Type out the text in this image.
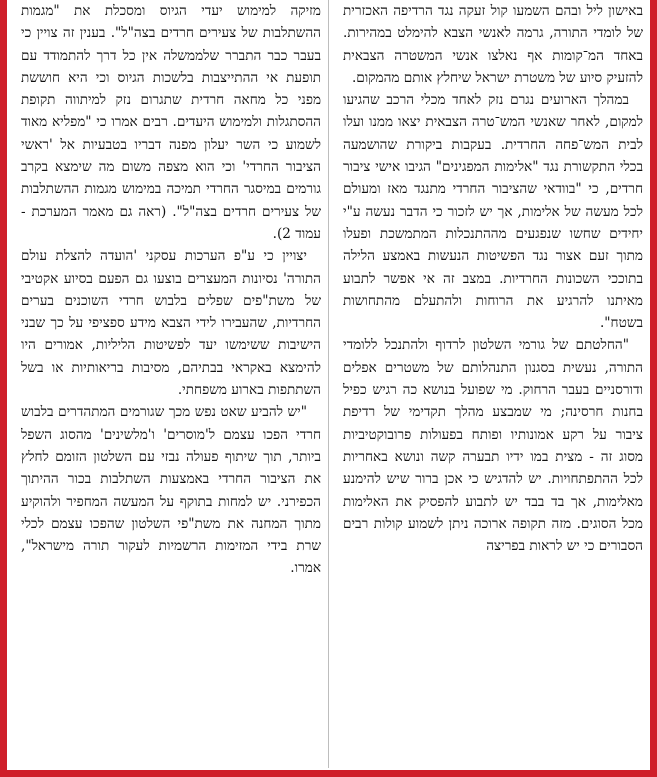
באישון ליל ובהם השמעו קול זעקה נגד הרדיפה האכזרית של לומדי התורה, גרמה לאנשי הצבא להימלט במהירות. באחד המ־קומות אף נאלצו אנשי המשטרה הצבאית להזעיק סיוע של משטרת ישראל שיחלץ אותם מהמקום.

במהלך הארועים נגרם נזק לאחד מכלי הרכב שהגיעו למקום, לאחר שאנשי המש־טרה הצבאית יצאו ממנו ועלו לבית המש־פחה החרדית. בעקבות ביקורת שהושמעה בכלי התקשורת נגד "אלימות המפגינים" הגיבו אישי ציבור חרדים, כי "בוודאי שהציבור החרדי מתנגד מאז ומעולם לכל מעשה של אלימות, אך יש לזכור כי הדבר נעשה ע"י יחידים שחשו שנפגעים מההתנכלות המתמשכת ופעלו מתוך זעם אצור נגד הפשיטות הנעשות באמצע הלילה בתוככי השכונות החרדיות. במצב זה אי אפשר לתבוע מאיתנו להרגיע את הרוחות ולהתעלם מהתחושות בשטח".

"החלטתם של גורמי השלטון לרדוף ולהתנכל ללומדי התורה, נעשית בסגנון התנהלותם של משטרים אפלים ודורסניים בעבר הרחוק. מי שפועל בנושא כה רגיש כפיל בחנות חרסינה; מי שמבצע מהלך תקדימי של רדיפת ציבור על רקע אמונותיו ופותח בפעולות פרובוקטיביות מסוג זה - מצית במו ידיו תבערה קשה ונושא באחריות לכל ההתפתחויות. יש להדגיש כי אכן ברור שיש להימנע מאלימות, אך בד בבד יש לתבוע להפסיק את האלימות מכל הסוגים. מזה תקופה ארוכה ניתן לשמוע קולות רבים הסבורים כי יש לראות בפריצה

מזיקה למימוש יעדי הגיוס ומסכלת את "מגמות ההשתלבות של צעירים חרדים בצה"ל". בענין זה צויין כי בעבר כבר התברר שלממשלה אין כל דרך להתמודד עם תופעת אי ההתייצבות בלשכות הגיוס וכי היא חוששת מפני כל מחאה חרדית שתגרום נזק למיתווה תקופת ההסתגלות ולמימוש היעדים. רבים אמרו כי "מפליא מאוד לשמוע כי השר יעלון מפנה דבריו בטבעיות אל 'ראשי הציבור החרדי' וכי הוא מצפה משום מה שימצא בקרב גורמים במיסגר החרדי תמיכה במימוש מגמות ההשתלבות של צעירים חרדים בצה"ל". (ראה גם מאמר המערכת - עמוד 2).

יצויין כי ע"פ הערכות עסקני 'הועדה להצלת עולם התורה' נסיונות המעצרים בוצעו גם הפעם בסיוע אקטיבי של משת"פים שפלים בלבוש חרדי השוכנים בערים החרדיות, שהעבירו לידי הצבא מידע ספציפי על כך שבני הישיבות ששימשו יעד לפשיטות הליליות, אמורים היו להימצא באקראי בבתיהם, מסיבות בריאותיות או בשל השתתפות בארוע משפחתי.

"יש להביע שאט נפש מכך שגורמים המתהדרים בלבוש חרדי הפכו עצמם ל'מוסרים' ו'מלשינים' מהסוג השפל ביותר, תוך שיתוף פעולה נבזי עם השלטון הזומם לחלץ את הציבור החרדי באמצעות השתלבות בכור ההיתוך הכפירני. יש למחות בתוקף על המעשה המחפיר ולהוקיע מתוך המחנה את משת"פי השלטון שהפכו עצמם לכלי שרת בידי המזימות הרשמיות לעקור תורה מישראל", אמרו.
